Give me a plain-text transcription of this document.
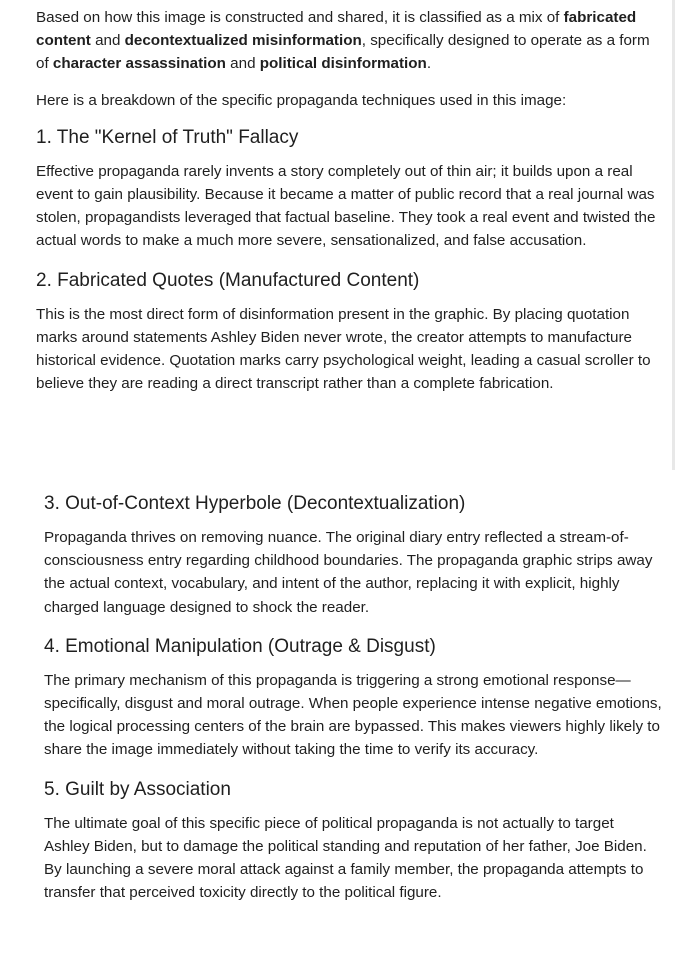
Based on how this image is constructed and shared, it is classified as a mix of fabricated content and decontextualized misinformation, specifically designed to operate as a form of character assassination and political disinformation.

Here is a breakdown of the specific propaganda techniques used in this image:

1. The "Kernel of Truth" Fallacy

Effective propaganda rarely invents a story completely out of thin air; it builds upon a real event to gain plausibility. Because it became a matter of public record that a real journal was stolen, propagandists leveraged that factual baseline. They took a real event and twisted the actual words to make a much more severe, sensationalized, and false accusation.

2. Fabricated Quotes (Manufactured Content)

This is the most direct form of disinformation present in the graphic. By placing quotation marks around statements Ashley Biden never wrote, the creator attempts to manufacture historical evidence. Quotation marks carry psychological weight, leading a casual scroller to believe they are reading a direct transcript rather than a complete fabrication.

3. Out-of-Context Hyperbole (Decontextualization)

Propaganda thrives on removing nuance. The original diary entry reflected a stream-of-consciousness entry regarding childhood boundaries. The propaganda graphic strips away the actual context, vocabulary, and intent of the author, replacing it with explicit, highly charged language designed to shock the reader.

4. Emotional Manipulation (Outrage & Disgust)

The primary mechanism of this propaganda is triggering a strong emotional response—specifically, disgust and moral outrage. When people experience intense negative emotions, the logical processing centers of the brain are bypassed. This makes viewers highly likely to share the image immediately without taking the time to verify its accuracy.

5. Guilt by Association

The ultimate goal of this specific piece of political propaganda is not actually to target Ashley Biden, but to damage the political standing and reputation of her father, Joe Biden. By launching a severe moral attack against a family member, the propaganda attempts to transfer that perceived toxicity directly to the political figure.
